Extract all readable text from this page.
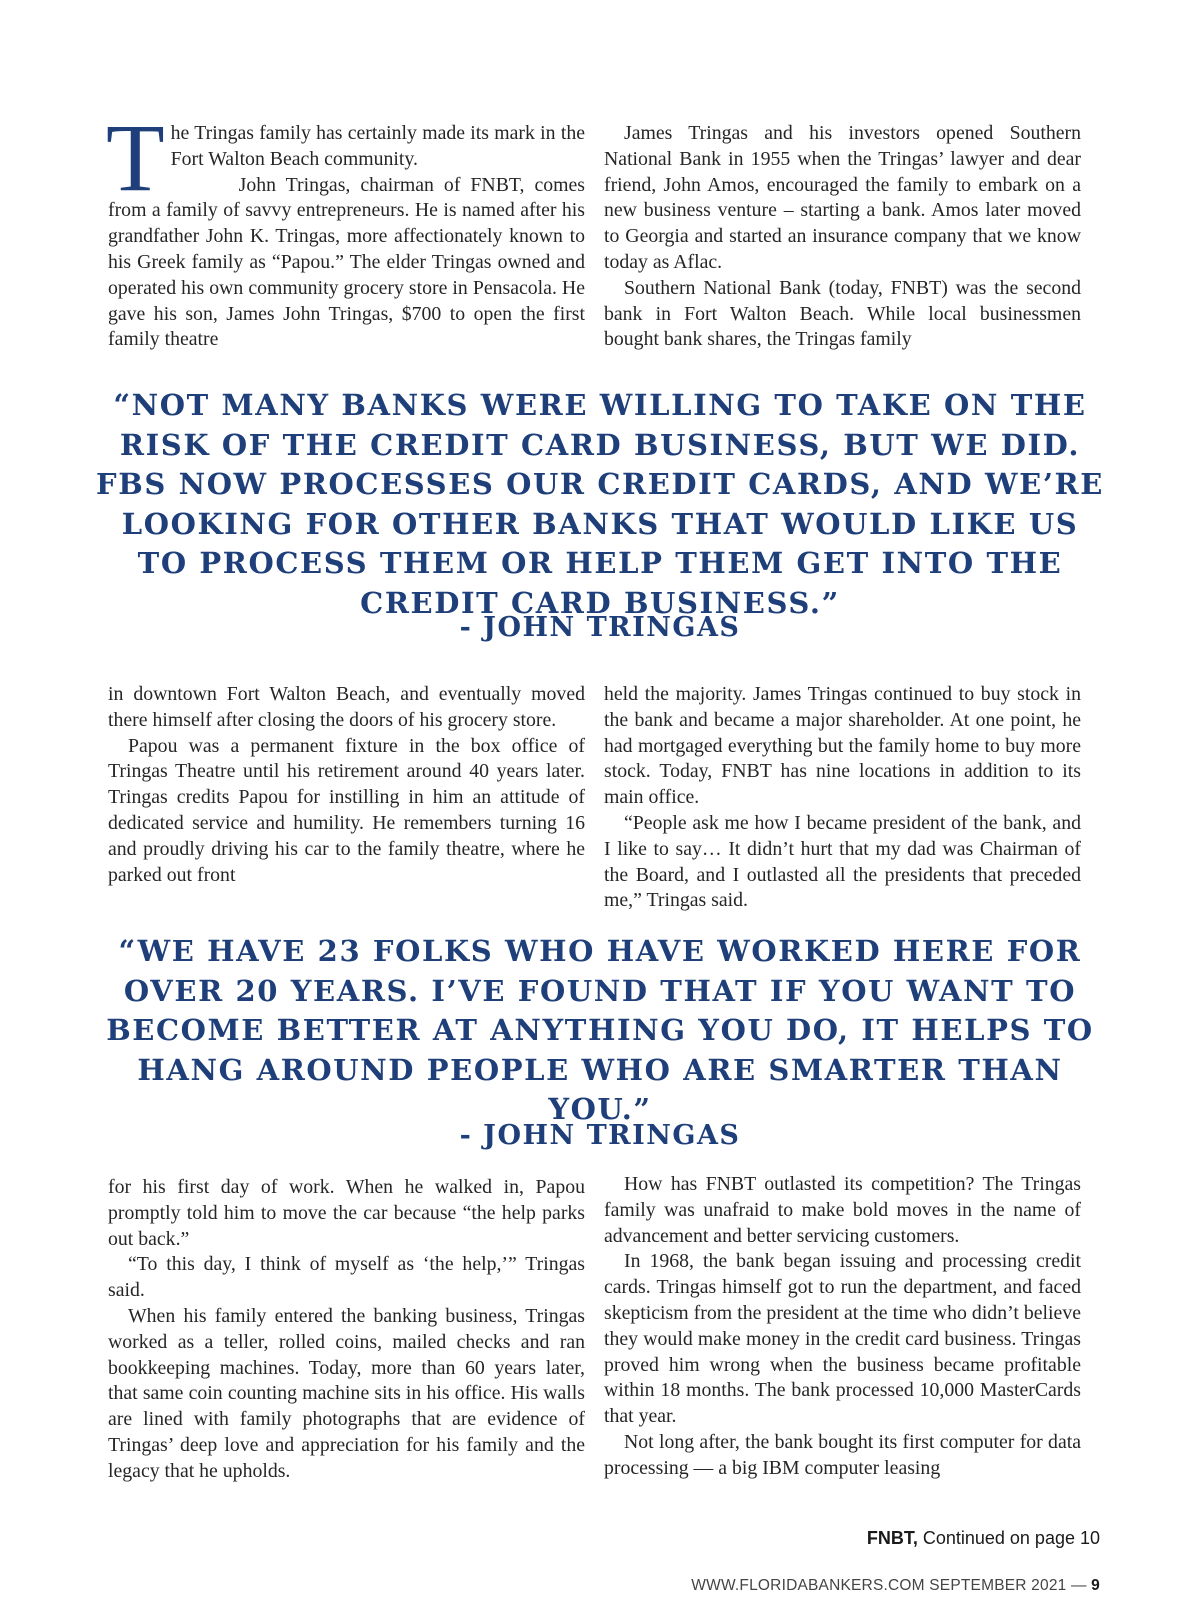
The Tringas family has certainly made its mark in the Fort Walton Beach community.

John Tringas, chairman of FNBT, comes from a family of savvy entrepreneurs. He is named after his grandfather John K. Tringas, more affectionately known to his Greek family as “Papou.” The elder Tringas owned and operated his own community grocery store in Pensacola. He gave his son, James John Tringas, $700 to open the first family theatre

James Tringas and his investors opened Southern National Bank in 1955 when the Tringas’ lawyer and dear friend, John Amos, encouraged the family to embark on a new business venture – starting a bank. Amos later moved to Georgia and started an insurance company that we know today as Aflac.

Southern National Bank (today, FNBT) was the second bank in Fort Walton Beach. While local businessmen bought bank shares, the Tringas family

“NOT MANY BANKS WERE WILLING TO TAKE ON THE RISK OF THE CREDIT CARD BUSINESS, BUT WE DID. FBS NOW PROCESSES OUR CREDIT CARDS, AND WE’RE LOOKING FOR OTHER BANKS THAT WOULD LIKE US TO PROCESS THEM OR HELP THEM GET INTO THE CREDIT CARD BUSINESS.”
- JOHN TRINGAS

in downtown Fort Walton Beach, and eventually moved there himself after closing the doors of his grocery store.

Papou was a permanent fixture in the box office of Tringas Theatre until his retirement around 40 years later. Tringas credits Papou for instilling in him an attitude of dedicated service and humility. He remembers turning 16 and proudly driving his car to the family theatre, where he parked out front

held the majority. James Tringas continued to buy stock in the bank and became a major shareholder. At one point, he had mortgaged everything but the family home to buy more stock. Today, FNBT has nine locations in addition to its main office.

“People ask me how I became president of the bank, and I like to say… It didn’t hurt that my dad was Chairman of the Board, and I outlasted all the presidents that preceded me,” Tringas said.

“WE HAVE 23 FOLKS WHO HAVE WORKED HERE FOR OVER 20 YEARS. I’VE FOUND THAT IF YOU WANT TO BECOME BETTER AT ANYTHING YOU DO, IT HELPS TO HANG AROUND PEOPLE WHO ARE SMARTER THAN YOU.”
- JOHN TRINGAS

for his first day of work. When he walked in, Papou promptly told him to move the car because “the help parks out back.”

“To this day, I think of myself as ‘the help,’” Tringas said.

When his family entered the banking business, Tringas worked as a teller, rolled coins, mailed checks and ran bookkeeping machines. Today, more than 60 years later, that same coin counting machine sits in his office. His walls are lined with family photographs that are evidence of Tringas’ deep love and appreciation for his family and the legacy that he upholds.

How has FNBT outlasted its competition? The Tringas family was unafraid to make bold moves in the name of advancement and better servicing customers.

In 1968, the bank began issuing and processing credit cards. Tringas himself got to run the department, and faced skepticism from the president at the time who didn’t believe they would make money in the credit card business. Tringas proved him wrong when the business became profitable within 18 months. The bank processed 10,000 MasterCards that year.

Not long after, the bank bought its first computer for data processing — a big IBM computer leasing

FNBT, Continued on page 10
WWW.FLORIDABANKERS.COM SEPTEMBER 2021 — 9
